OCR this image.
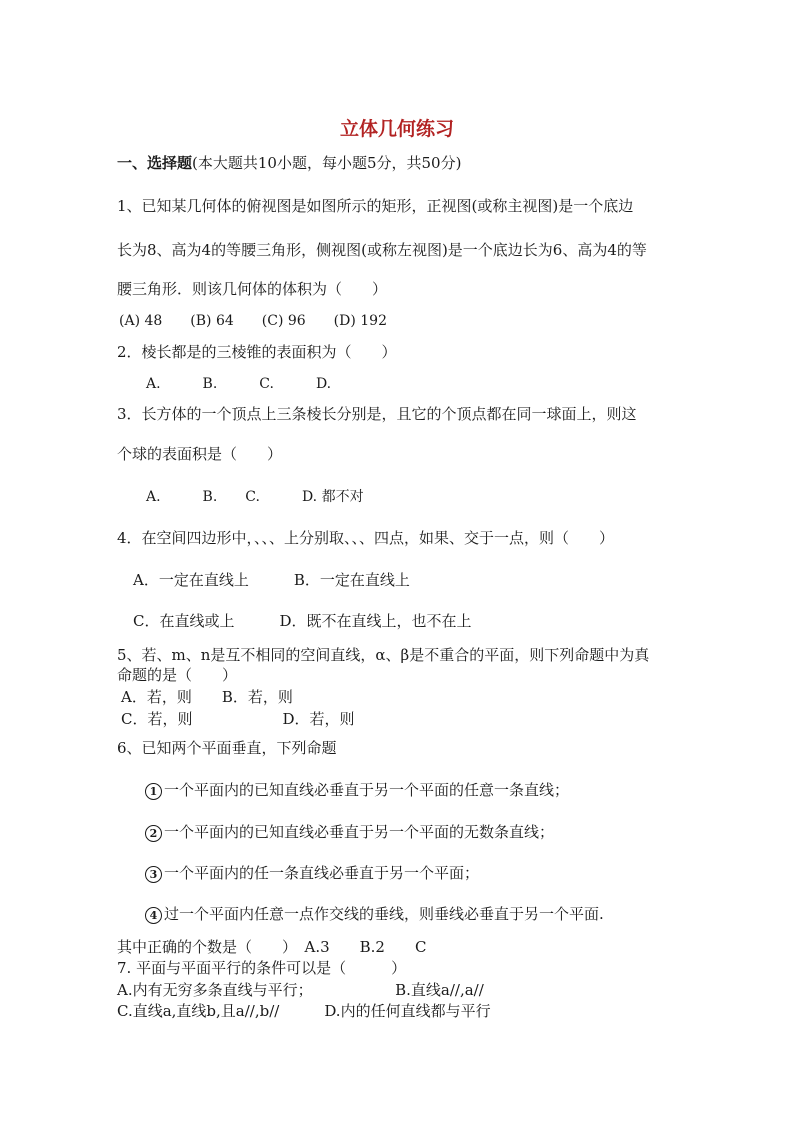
立体几何练习
一、选择题(本大题共10小题，每小题5分，共50分)
1、已知某几何体的俯视图是如图所示的矩形，正视图(或称主视图)是一个底边
长为8、高为4的等腰三角形，侧视图(或称左视图)是一个底边长为6、高为4的等
腰三角形．则该几何体的体积为（　　）
(A) 48　　(B) 64　　(C) 96　　(D) 192
2．棱长都是的三棱锥的表面积为（　　）
A.　　　B.　　　C.　　　D.
3．长方体的一个顶点上三条棱长分别是，且它的个顶点都在同一球面上，则这
个球的表面积是（　　）
A.　　　B.　　C.　　　D. 都不对
4．在空间四边形中，、、、上分别取、、、四点，如果、交于一点，则（　　）
A．一定在直线上　　　B．一定在直线上
C．在直线或上　　　D．既不在直线上，也不在上
5、若、m、n是互不相同的空间直线，α、β是不重合的平面，则下列命题中为真
命题的是（　　）
A．若，则　　B．若，则
C．若，则　　　　　　D．若，则
6、已知两个平面垂直，下列命题
1 一个平面内的已知直线必垂直于另一个平面的任意一条直线；
2 一个平面内的已知直线必垂直于另一个平面的无数条直线；
3 一个平面内的任一条直线必垂直于另一个平面；
4 过一个平面内任意一点作交线的垂线，则垂线必垂直于另一个平面.
其中正确的个数是（　　）　A.3　　B.2　　C
7. 平面与平面平行的条件可以是（　　　）
A.内有无穷多条直线与平行；　　　　　　B.直线a//,a//
C.直线a,直线b,且a//,b//　　　D.内的任何直线都与平行
